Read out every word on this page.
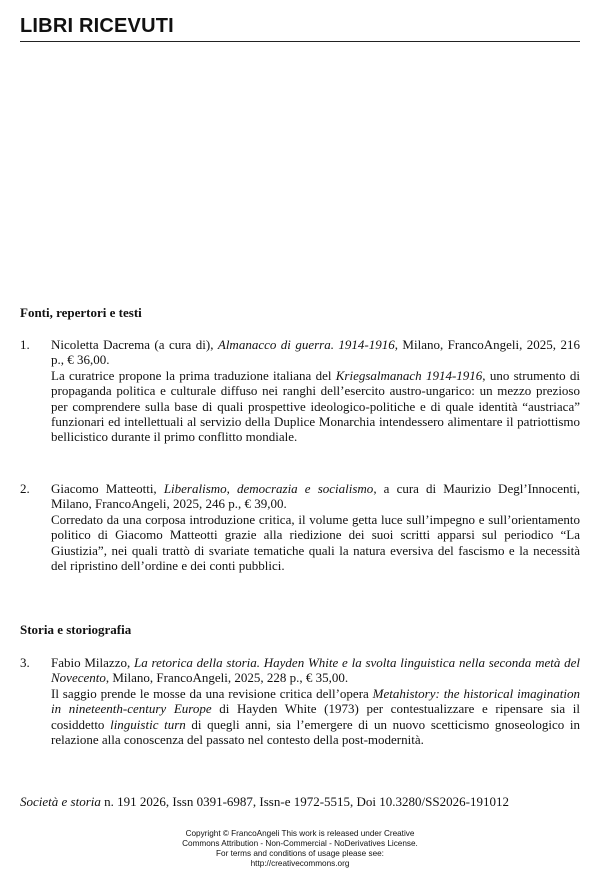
LIBRI RICEVUTI
Fonti, repertori e testi
1.	Nicoletta Dacrema (a cura di), Almanacco di guerra. 1914-1916, Milano, FrancoAngeli, 2025, 216 p., € 36,00.

La curatrice propone la prima traduzione italiana del Kriegsalmanach 1914-1916, uno strumento di propaganda politica e culturale diffuso nei ranghi dell’esercito austro-ungarico: un mezzo prezioso per comprendere sulla base di quali prospettive ideologico-politiche e di quale identità “austriaca” funzionari ed intellettuali al servizio della Duplice Monarchia intendessero alimentare il patriottismo bellicistico durante il primo conflitto mondiale.

2.	Giacomo Matteotti, Liberalismo, democrazia e socialismo, a cura di Maurizio Degl’Innocenti, Milano, FrancoAngeli, 2025, 246 p., € 39,00.

Corredato da una corposa introduzione critica, il volume getta luce sull’impegno e sull’orientamento politico di Giacomo Matteotti grazie alla riedizione dei suoi scritti apparsi sul periodico “La Giustizia”, nei quali trattò di svariate tematiche quali la natura eversiva del fascismo e la necessità del ripristino dell’ordine e dei conti pubblici.

Storia e storiografia
3.	Fabio Milazzo, La retorica della storia. Hayden White e la svolta linguistica nella seconda metà del Novecento, Milano, FrancoAngeli, 2025, 228 p., € 35,00.

Il saggio prende le mosse da una revisione critica dell’opera Metahistory: the historical imagination in nineteenth-century Europe di Hayden White (1973) per contestualizzare e ripensare sia il cosiddetto linguistic turn di quegli anni, sia l’emergere di un nuovo scetticismo gnoseologico in relazione alla conoscenza del passato nel contesto della post-modernità.

Società e storia n. 191 2026, Issn 0391-6987, Issn-e 1972-5515, Doi 10.3280/SS2026-191012
Copyright © FrancoAngeli This work is released under Creative
Commons Attribution - Non-Commercial - NoDerivatives License.
For terms and conditions of usage please see:
http://creativecommons.org
